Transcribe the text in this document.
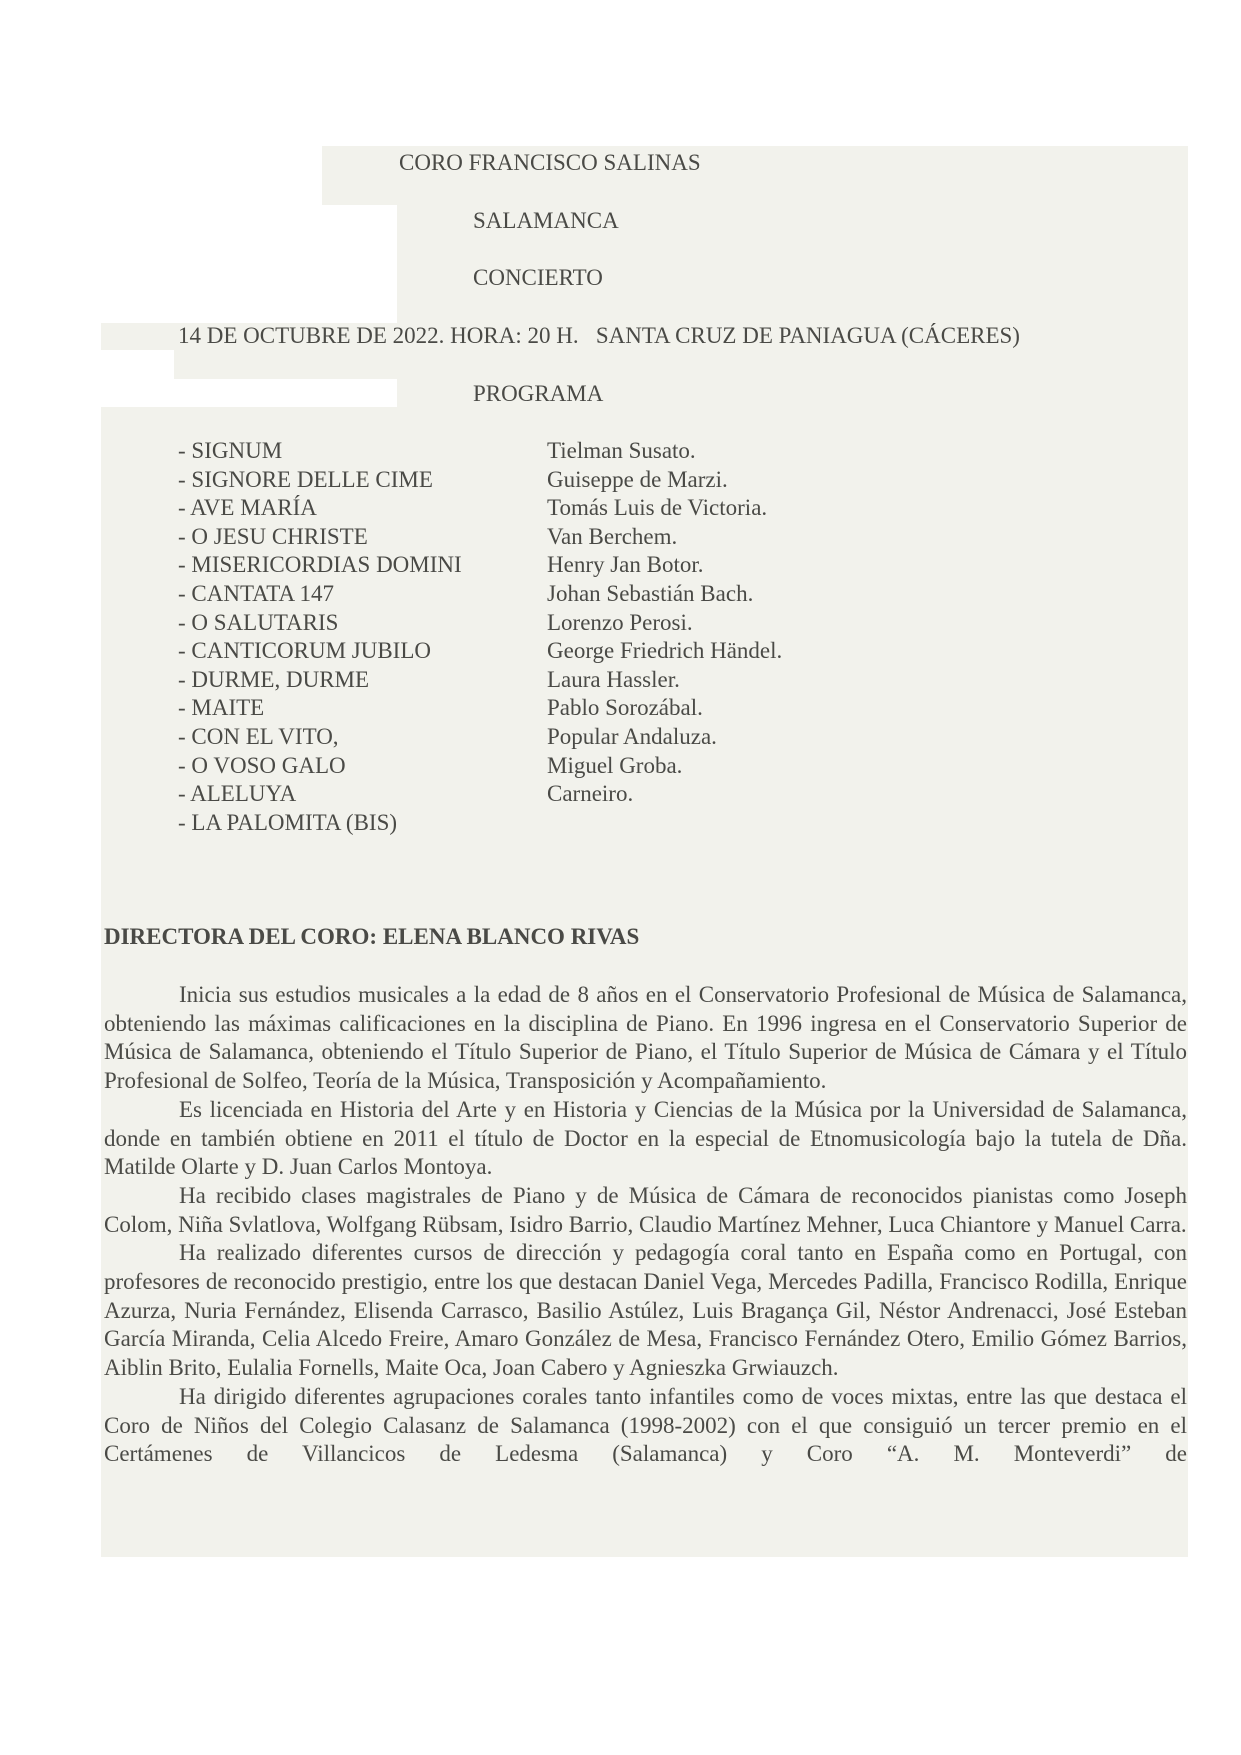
CORO FRANCISCO SALINAS
SALAMANCA
CONCIERTO
14 DE OCTUBRE DE 2022. HORA: 20 H.   SANTA CRUZ DE PANIAGUA (CÁCERES)
PROGRAMA
- SIGNUM	Tielman Susato.
- SIGNORE DELLE CIME	Guiseppe de Marzi.
- AVE MARÍA	Tomás Luis de Victoria.
- O JESU CHRISTE	Van Berchem.
- MISERICORDIAS DOMINI	Henry Jan Botor.
- CANTATA 147	Johan Sebastián Bach.
- O SALUTARIS	Lorenzo Perosi.
- CANTICORUM JUBILO	George Friedrich Händel.
- DURME, DURME	Laura Hassler.
- MAITE	Pablo Sorozábal.
- CON EL VITO,	Popular Andaluza.
- O VOSO GALO	Miguel Groba.
- ALELUYA	Carneiro.
- LA PALOMITA (BIS)
DIRECTORA DEL CORO: ELENA BLANCO RIVAS

Inicia sus estudios musicales a la edad de 8 años en el Conservatorio Profesional de Música de Salamanca, obteniendo las máximas calificaciones en la disciplina de Piano. En 1996 ingresa en el Conservatorio Superior de Música de Salamanca, obteniendo el Título Superior de Piano, el Título Superior de Música de Cámara y el Título Profesional de Solfeo, Teoría de la Música, Transposición y Acompañamiento.

Es licenciada en Historia del Arte y en Historia y Ciencias de la Música por la Universidad de Salamanca, donde en también obtiene en 2011 el título de Doctor en la especial de Etnomusicología bajo la tutela de Dña. Matilde Olarte y D. Juan Carlos Montoya.

Ha recibido clases magistrales de Piano y de Música de Cámara de reconocidos pianistas como Joseph Colom, Niña Svlatlova, Wolfgang Rübsam, Isidro Barrio, Claudio Martínez Mehner, Luca Chiantore y Manuel Carra.

Ha realizado diferentes cursos de dirección y pedagogía coral tanto en España como en Portugal, con profesores de reconocido prestigio, entre los que destacan Daniel Vega, Mercedes Padilla, Francisco Rodilla, Enrique Azurza, Nuria Fernández, Elisenda Carrasco, Basilio Astúlez, Luis Bragança Gil, Néstor Andrenacci, José Esteban García Miranda, Celia Alcedo Freire, Amaro González de Mesa, Francisco Fernández Otero, Emilio Gómez Barrios, Aiblin Brito, Eulalia Fornells, Maite Oca, Joan Cabero y Agnieszka Grwiauzch.

Ha dirigido diferentes agrupaciones corales tanto infantiles como de voces mixtas, entre las que destaca el Coro de Niños del Colegio Calasanz de Salamanca (1998-2002) con el que consiguió un tercer premio en el Certámenes de Villancicos de Ledesma (Salamanca) y Coro “A. M. Monteverdi” de
